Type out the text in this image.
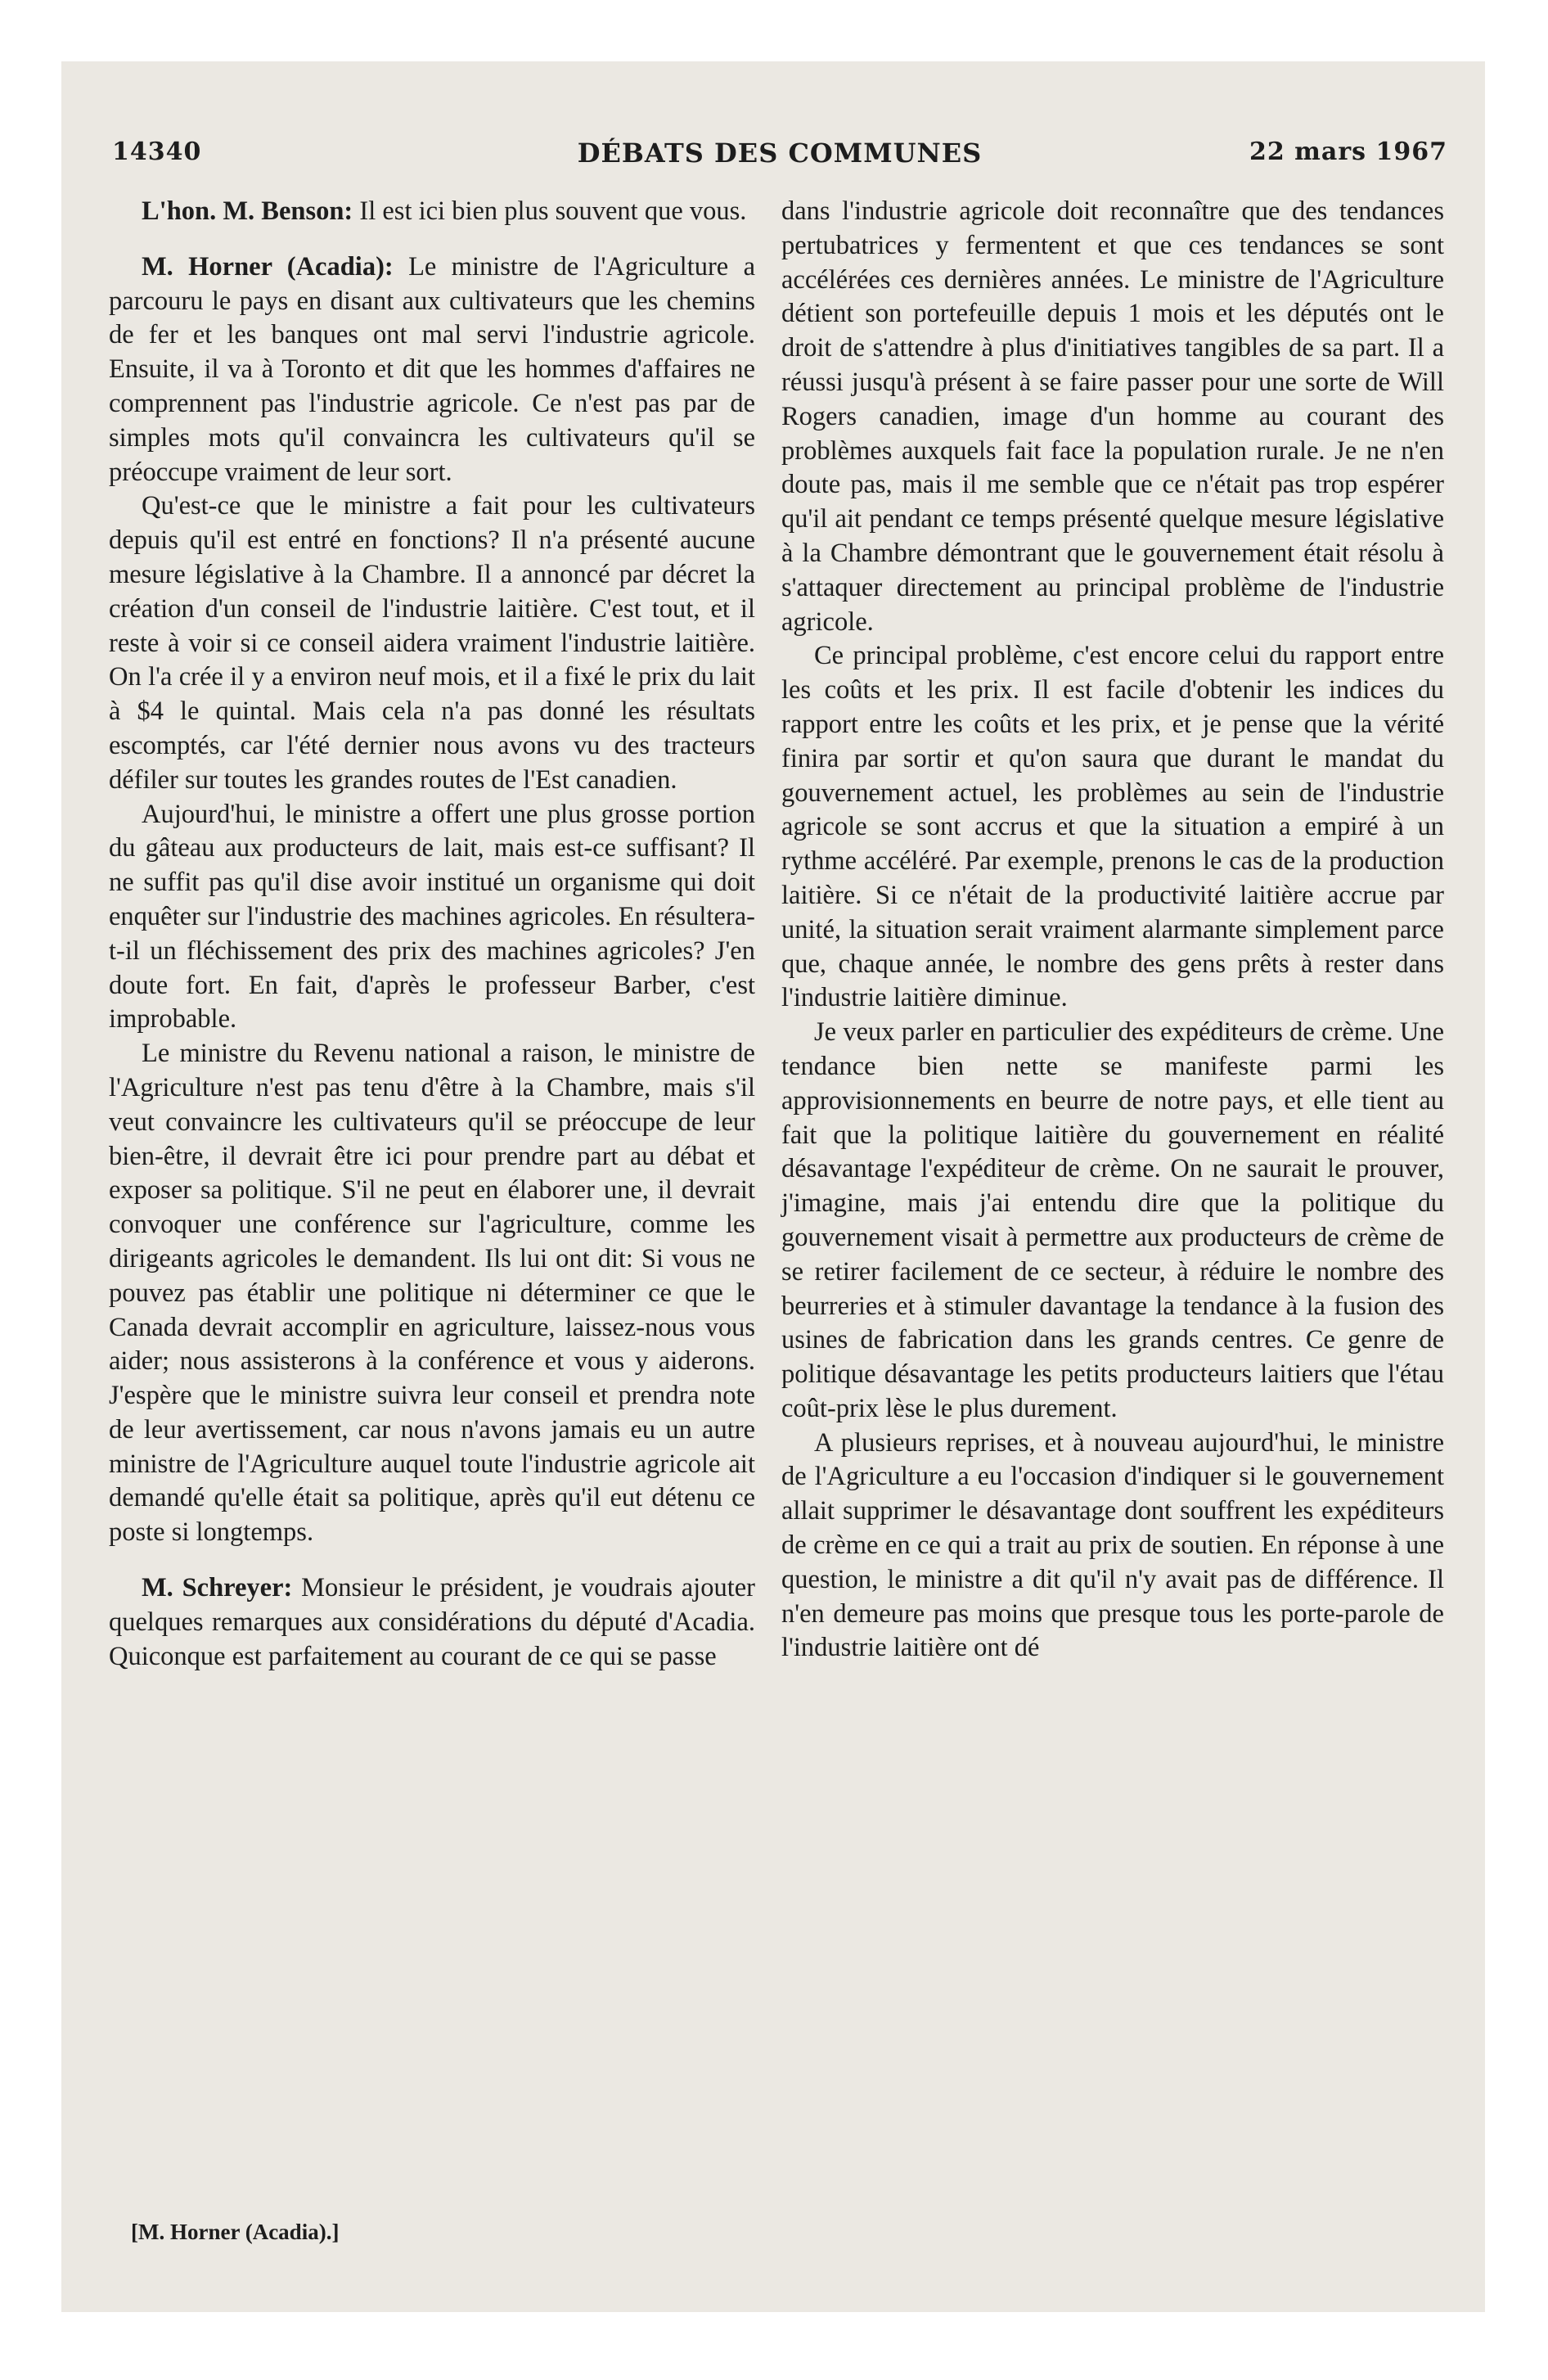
14340	DÉBATS DES COMMUNES	22 mars 1967

L'hon. M. Benson: Il est ici bien plus souvent que vous.

M. Horner (Acadia): Le ministre de l'Agriculture a parcouru le pays en disant aux cultivateurs que les chemins de fer et les banques ont mal servi l'industrie agricole. Ensuite, il va à Toronto et dit que les hommes d'affaires ne comprennent pas l'industrie agricole. Ce n'est pas par de simples mots qu'il convaincra les cultivateurs qu'il se préoccupe vraiment de leur sort.

Qu'est-ce que le ministre a fait pour les cultivateurs depuis qu'il est entré en fonctions? Il n'a présenté aucune mesure législative à la Chambre. Il a annoncé par décret la création d'un conseil de l'industrie laitière. C'est tout, et il reste à voir si ce conseil aidera vraiment l'industrie laitière. On l'a crée il y a environ neuf mois, et il a fixé le prix du lait à $4 le quintal. Mais cela n'a pas donné les résultats escomptés, car l'été dernier nous avons vu des tracteurs défiler sur toutes les grandes routes de l'Est canadien.

Aujourd'hui, le ministre a offert une plus grosse portion du gâteau aux producteurs de lait, mais est-ce suffisant? Il ne suffit pas qu'il dise avoir institué un organisme qui doit enquêter sur l'industrie des machines agricoles. En résultera-t-il un fléchissement des prix des machines agricoles? J'en doute fort. En fait, d'après le professeur Barber, c'est improbable.

Le ministre du Revenu national a raison, le ministre de l'Agriculture n'est pas tenu d'être à la Chambre, mais s'il veut convaincre les cultivateurs qu'il se préoccupe de leur bien-être, il devrait être ici pour prendre part au débat et exposer sa politique. S'il ne peut en élaborer une, il devrait convoquer une conférence sur l'agriculture, comme les dirigeants agricoles le demandent. Ils lui ont dit: Si vous ne pouvez pas établir une politique ni déterminer ce que le Canada devrait accomplir en agriculture, laissez-nous vous aider; nous assisterons à la conférence et vous y aiderons. J'espère que le ministre suivra leur conseil et prendra note de leur avertissement, car nous n'avons jamais eu un autre ministre de l'Agriculture auquel toute l'industrie agricole ait demandé qu'elle était sa politique, après qu'il eut détenu ce poste si longtemps.

M. Schreyer: Monsieur le président, je voudrais ajouter quelques remarques aux considérations du député d'Acadia. Quiconque est parfaitement au courant de ce qui se passe

dans l'industrie agricole doit reconnaître que des tendances pertubatrices y fermentent et que ces tendances se sont accélérées ces dernières années. Le ministre de l'Agriculture détient son portefeuille depuis 1 mois et les députés ont le droit de s'attendre à plus d'initiatives tangibles de sa part. Il a réussi jusqu'à présent à se faire passer pour une sorte de Will Rogers canadien, image d'un homme au courant des problèmes auxquels fait face la population rurale. Je ne n'en doute pas, mais il me semble que ce n'était pas trop espérer qu'il ait pendant ce temps présenté quelque mesure législative à la Chambre démontrant que le gouvernement était résolu à s'attaquer directement au principal problème de l'industrie agricole.

Ce principal problème, c'est encore celui du rapport entre les coûts et les prix. Il est facile d'obtenir les indices du rapport entre les coûts et les prix, et je pense que la vérité finira par sortir et qu'on saura que durant le mandat du gouvernement actuel, les problèmes au sein de l'industrie agricole se sont accrus et que la situation a empiré à un rythme accéléré. Par exemple, prenons le cas de la production laitière. Si ce n'était de la productivité laitière accrue par unité, la situation serait vraiment alarmante simplement parce que, chaque année, le nombre des gens prêts à rester dans l'industrie laitière diminue.

Je veux parler en particulier des expéditeurs de crème. Une tendance bien nette se manifeste parmi les approvisionnements en beurre de notre pays, et elle tient au fait que la politique laitière du gouvernement en réalité désavantage l'expéditeur de crème. On ne saurait le prouver, j'imagine, mais j'ai entendu dire que la politique du gouvernement visait à permettre aux producteurs de crème de se retirer facilement de ce secteur, à réduire le nombre des beurreries et à stimuler davantage la tendance à la fusion des usines de fabrication dans les grands centres. Ce genre de politique désavantage les petits producteurs laitiers que l'étau coût-prix lèse le plus durement.

A plusieurs reprises, et à nouveau aujourd'hui, le ministre de l'Agriculture a eu l'occasion d'indiquer si le gouvernement allait supprimer le désavantage dont souffrent les expéditeurs de crème en ce qui a trait au prix de soutien. En réponse à une question, le ministre a dit qu'il n'y avait pas de différence. Il n'en demeure pas moins que presque tous les porte-parole de l'industrie laitière ont dé

[M. Horner (Acadia).]
